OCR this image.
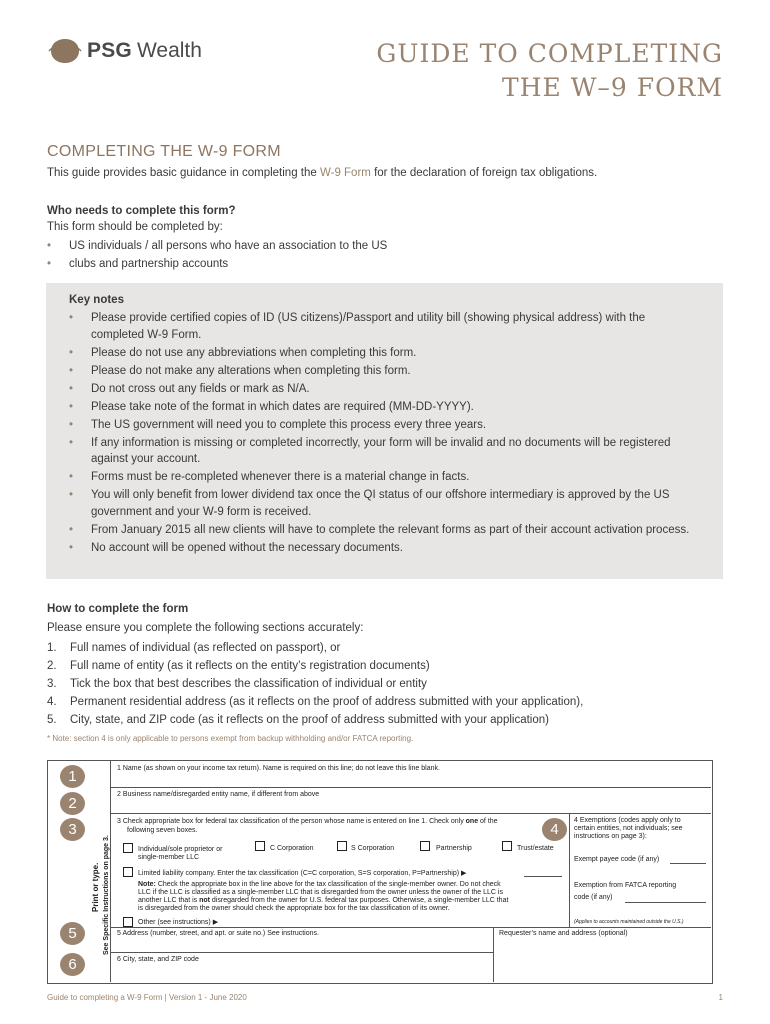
PSG Wealth	GUIDE TO COMPLETING
THE W–9 FORM
COMPLETING THE W-9 FORM
This guide provides basic guidance in completing the W-9 Form for the declaration of foreign tax obligations.
Who needs to complete this form?
This form should be completed by:
• US individuals / all persons who have an association to the US
• clubs and partnership accounts
Key notes
• Please provide certified copies of ID (US citizens)/Passport and utility bill (showing physical address) with the completed W-9 Form.
• Please do not use any abbreviations when completing this form.
• Please do not make any alterations when completing this form.
• Do not cross out any fields or mark as N/A.
• Please take note of the format in which dates are required (MM-DD-YYYY).
• The US government will need you to complete this process every three years.
• If any information is missing or completed incorrectly, your form will be invalid and no documents will be registered against your account.
• Forms must be re-completed whenever there is a material change in facts.
• You will only benefit from lower dividend tax once the QI status of our offshore intermediary is approved by the US government and your W-9 form is received.
• From January 2015 all new clients will have to complete the relevant forms as part of their account activation process.
• No account will be opened without the necessary documents.
How to complete the form
Please ensure you complete the following sections accurately:
1.	Full names of individual (as reflected on passport), or
2.	Full name of entity (as it reflects on the entity’s registration documents)
3.	Tick the box that best describes the classification of individual or entity
4.	Permanent residential address (as it reflects on the proof of address submitted with your application),
5.	City, state, and ZIP code (as it reflects on the proof of address submitted with your application)
* Note: section 4 is only applicable to persons exempt from backup withholding and/or FATCA reporting.
Print or type. See Specific Instructions on page 3.
1
2
3	4
5
6
1 Name (as shown on your income tax return). Name is required on this line; do not leave this line blank.
2 Business name/disregarded entity name, if different from above
3 Check appropriate box for federal tax classification of the person whose name is entered on line 1. Check only one of the
following seven boxes.
Individual/sole proprietor or
single-member LLC
C Corporation	S Corporation	Partnership	Trust/estate
Limited liability company. Enter the tax classification (C=C corporation, S=S corporation, P=Partnership) ▶
Note: Check the appropriate box in the line above for the tax classification of the single-member owner. Do not check
LLC if the LLC is classified as a single-member LLC that is disregarded from the owner unless the owner of the LLC is
another LLC that is not disregarded from the owner for U.S. federal tax purposes. Otherwise, a single-member LLC that
is disregarded from the owner should check the appropriate box for the tax classification of its owner.
Other (see instructions) ▶
4 Exemptions (codes apply only to
certain entities, not individuals; see
instructions on page 3):
Exempt payee code (if any)
Exemption from FATCA reporting
code (if any)
(Applies to accounts maintained outside the U.S.)
5 Address (number, street, and apt. or suite no.) See instructions.	Requester’s name and address (optional)
6 City, state, and ZIP code
Guide to completing a W-9 Form | Version 1 - June 2020	1
